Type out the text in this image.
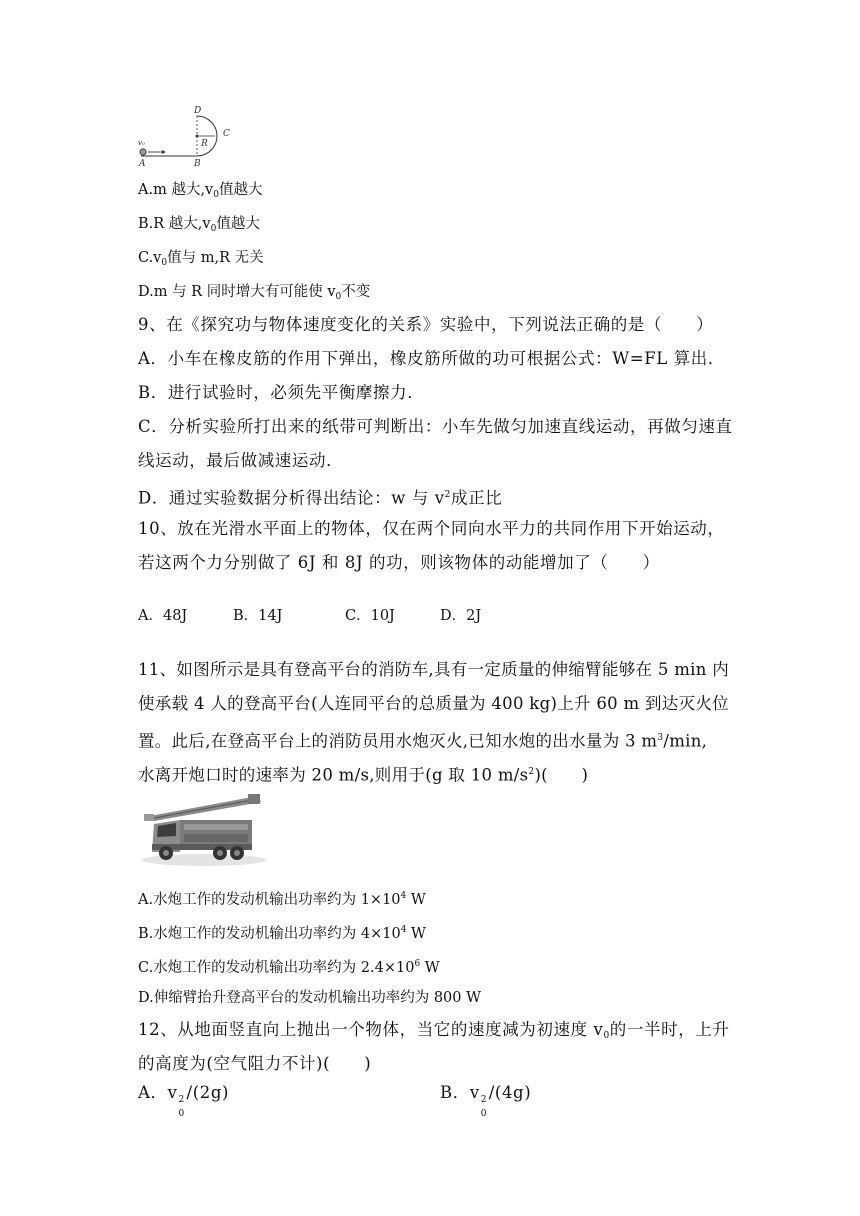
D
C
R
v₀
A	B
A.m 越大$,v_0$值越大
B.R 越大$,v_0$值越大
$C.v_0$值与 m,R 无关
D.m 与 R 同时增大有可能使 $v_0$不变
9、在《探究功与物体速度变化的关系》实验中，下列说法正确的是（　　）
A．小车在橡皮筋的作用下弹出，橡皮筋所做的功可根据公式：W=FL 算出．
B．进行试验时，必须先平衡摩擦力．
C．分析实验所打出来的纸带可判断出：小车先做匀加速直线运动，再做匀速直
线运动，最后做减速运动．
D．通过实验数据分析得出结论：w 与 $v^2$成正比
10、放在光滑水平面上的物体，仅在两个同向水平力的共同作用下开始运动，
若这两个力分别做了 6J 和 8J 的功，则该物体的动能增加了（　　）
A．48J	B．14J	C．10J	D．2J
11、如图所示是具有登高平台的消防车,具有一定质量的伸缩臂能够在 5 min 内
使承载 4 人的登高平台(人连同平台的总质量为 400 kg)上升 60 m 到达灭火位
置。此后,在登高平台上的消防员用水炮灭火,已知水炮的出水量为 3 $m^3/\min$,
水离开炮口时的速率为 20 m/s,则用于(g 取 10 $m/s^2$)(　　)
A.水炮工作的发动机输出功率约为 $1\times 10^4$ W
B.水炮工作的发动机输出功率约为 $4\times 10^4$ W
C.水炮工作的发动机输出功率约为 $2.4\times 10^6$ W
D.伸缩臂抬升登高平台的发动机输出功率约为 800 W
12、从地面竖直向上抛出一个物体，当它的速度减为初速度 $v_0$的一半时，上升
的高度为(空气阻力不计)(　　)
A．v 2
0
/(2g)	B．v 2
0
/(4g)
